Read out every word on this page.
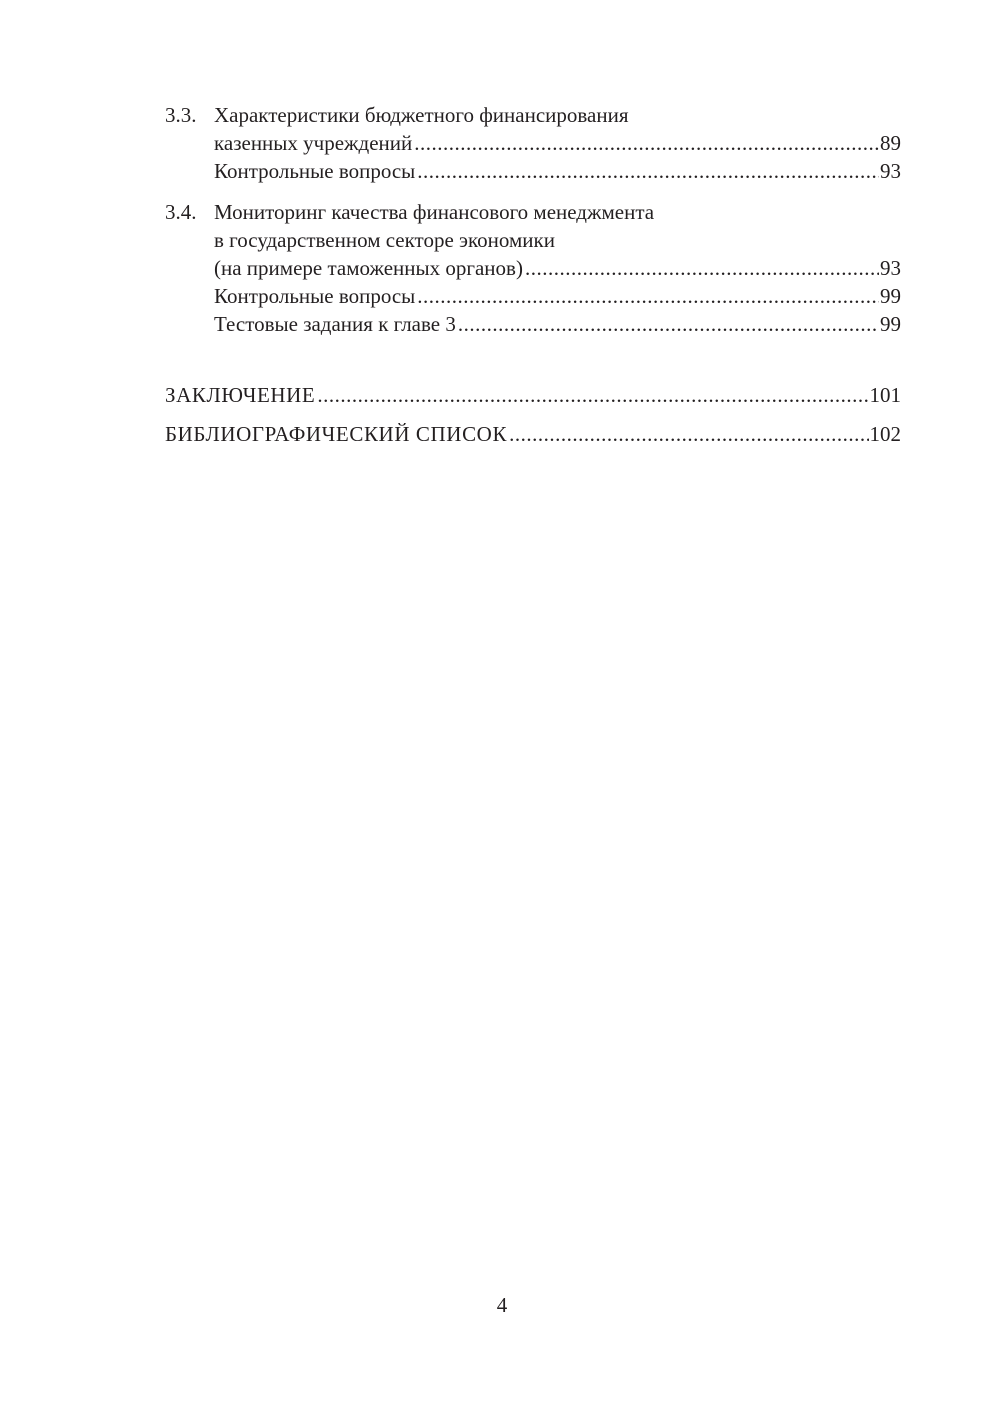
3.3. Характеристики бюджетного финансирования
казенных учреждений .....	89
Контрольные вопросы .....	93
3.4. Мониторинг качества финансового менеджмента
в государственном секторе экономики
(на примере таможенных органов) .....	93
Контрольные вопросы .....	99
Тестовые задания к главе 3 .....	99
ЗАКЛЮЧЕНИЕ .....	101
БИБЛИОГРАФИЧЕСКИЙ СПИСОК .....	102
4
